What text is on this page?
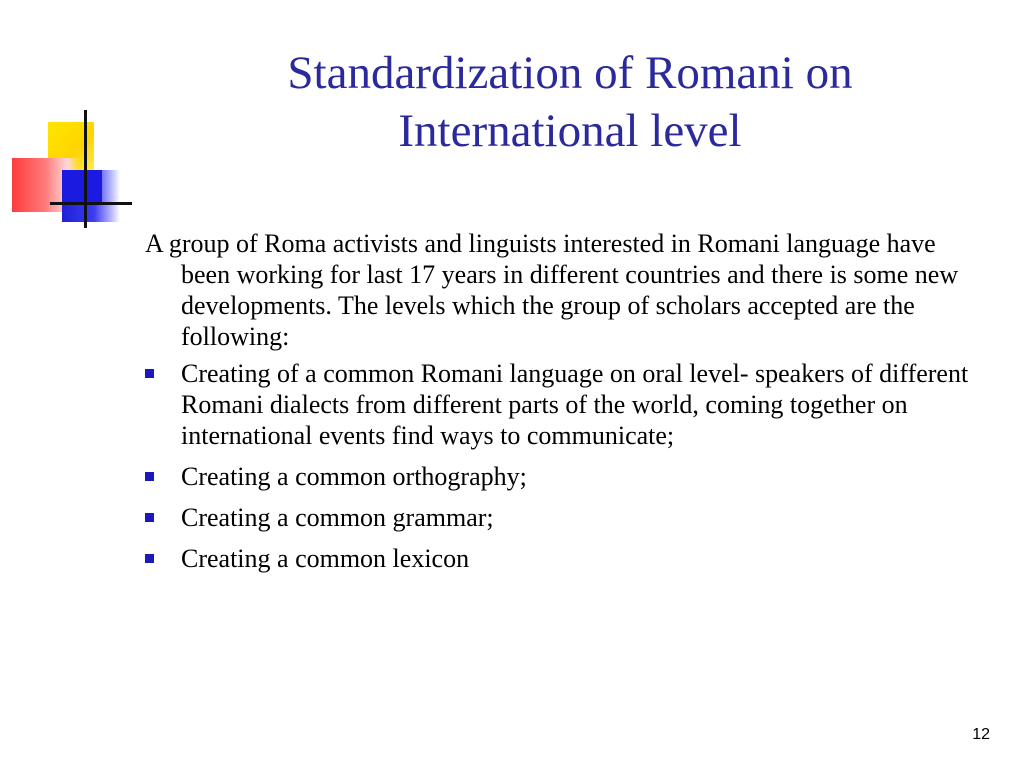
Standardization of Romani on
International level

A group of Roma activists and linguists interested in Romani language have been working for last 17 years in different countries and there is some new developments. The levels which the group of scholars accepted are the following:

Creating of a common Romani language on oral level- speakers of different Romani dialects from different parts of the world, coming together on international events find ways to communicate;
Creating a common orthography;
Creating a common grammar;
Creating a common lexicon
12
